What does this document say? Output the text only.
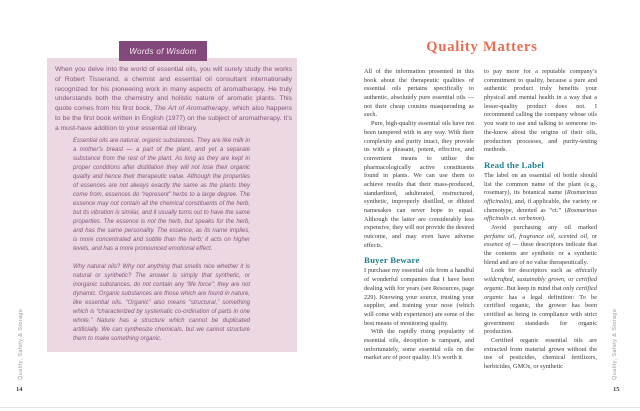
Words of Wisdom

When you delve into the world of essential oils, you will surely study the works of Robert Tisserand, a chemist and essential oil consultant internationally recognized for his pioneering work in many aspects of aromatherapy. He truly understands both the chemistry and holistic nature of aromatic plants. This quote comes from his first book, The Art of Aromatherapy, which also happens to be the first book written in English (1977) on the subject of aromatherapy. It’s a must-have addition to your essential oil library.

Essential oils are natural, organic substances. They are like milk in a mother’s breast — a part of the plant, and yet a separate substance from the rest of the plant. As long as they are kept in proper conditions after distillation they will not lose their organic quality and hence their therapeutic value. Although the properties of essences are not always exactly the same as the plants they come from, essences do “represent” herbs to a large degree. The essence may not contain all the chemical constituents of the herb, but its vibration is similar, and it usually turns out to have the same properties. The essence is not the herb, but speaks for the herb, and has the same personality. The essence, as its name implies, is more concentrated and subtle than the herb; it acts on higher levels, and has a more pronounced emotional effect.

Why natural oils? Why not anything that smells nice whether it is natural or synthetic? The answer is simply that synthetic, or inorganic substances, do not contain any “life force”; they are not dynamic. Organic substances are those which are found in nature, like essential oils. “Organic” also means “structural,” something which is “characterized by systematic co-ordination of parts in one whole.” Nature has a structure which cannot be duplicated artificially. We can synthesize chemicals, but we cannot structure them to make something organic.

Quality, Safety & Storage
14
Quality Matters

All of the information presented in this book about the therapeutic qualities of essential oils pertains specifically to authentic, absolutely pure essential oils — not their cheap cousins masquerading as such.

Pure, high-quality essential oils have not been tampered with in any way. With their complexity and purity intact, they provide us with a pleasant, potent, effective, and convenient means to utilize the pharmacologically active constituents found in plants. We can use them to achieve results that their mass-produced, standardized, adulterated, restructured, synthetic, improperly distilled, or diluted namesakes can never hope to equal. Although the latter are considerably less expensive, they will not provide the desired outcome, and may even have adverse effects.

Buyer Beware

I purchase my essential oils from a handful of wonderful companies that I have been dealing with for years (see Resources, page 229). Knowing your source, trusting your supplier, and training your nose (which will come with experience) are some of the best means of monitoring quality.

With the rapidly rising popularity of essential oils, deception is rampant, and unfortunately, some essential oils on the market are of poor quality. It’s worth it

to pay more for a reputable company’s commitment to quality, because a pure and authentic product truly benefits your physical and mental health in a way that a lesser-quality product does not. I recommend calling the company whose oils you want to use and talking to someone in-the-know about the origins of their oils, production processes, and purity-testing methods.

Read the Label

The label on an essential oil bottle should list the common name of the plant (e.g., rosemary), its botanical name (Rosmarinus officinalis), and, if applicable, the variety or chemotype, denoted as “ct.” (Rosmarinus officinalis ct. verbenon).

Avoid purchasing any oil marked perfume oil, fragrance oil, scented oil, or essence of — these descriptors indicate that the contents are synthetic or a synthetic blend and are of no value therapeutically.

Look for descriptors such as ethically wildcrafted, sustainably grown, or certified organic. But keep in mind that only certified organic has a legal definition: To be certified organic, the grower has been certified as being in compliance with strict government standards for organic production.

Certified organic essential oils are extracted from material grown without the use of pesticides, chemical fertilizers, herbicides, GMOs, or synthetic	Quality, Safety & Storage
15
